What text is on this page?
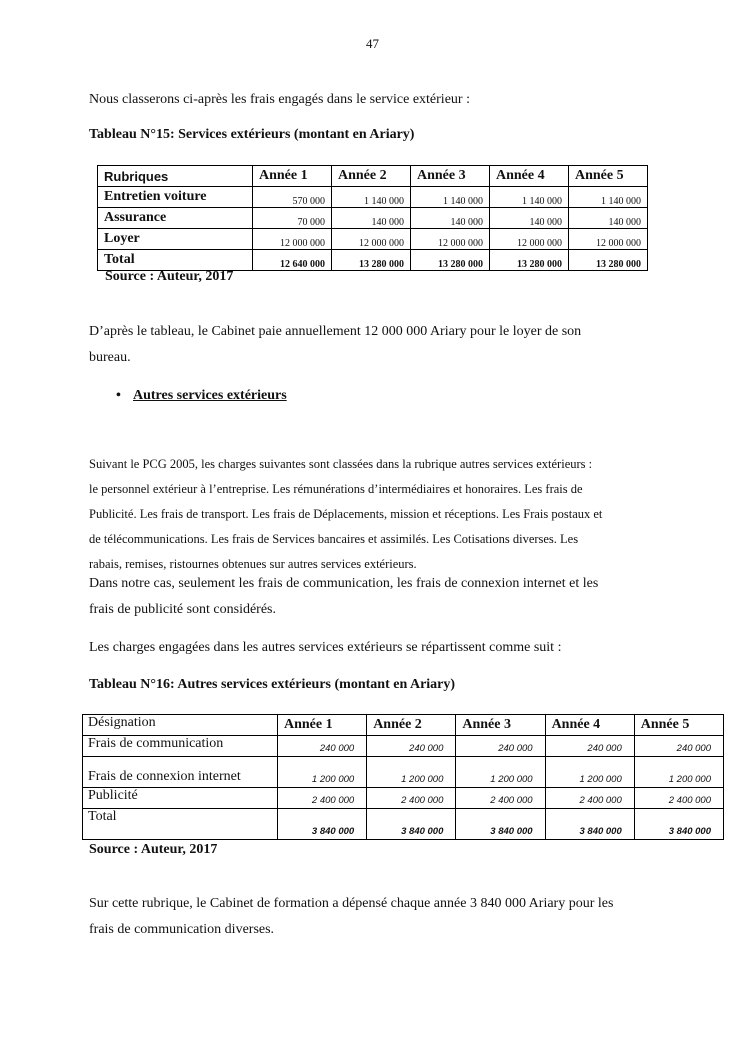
47

Nous classerons ci-après les frais engagés dans le service extérieur :

Tableau N°15: Services extérieurs (montant en Ariary)

Rubriques	Année 1	Année 2	Année 3	Année 4	Année 5
Entretien voiture	570 000	1 140 000	1 140 000	1 140 000	1 140 000
Assurance	70 000	140 000	140 000	140 000	140 000
Loyer	12 000 000	12 000 000	12 000 000	12 000 000	12 000 000
Total	12 640 000	13 280 000	13 280 000	13 280 000	13 280 000

Source : Auteur, 2017

D’après le tableau, le Cabinet paie annuellement 12 000 000 Ariary pour le loyer de son

bureau.

• Autres services extérieurs

Suivant le PCG 2005, les charges suivantes sont classées dans la rubrique autres services extérieurs :

le personnel extérieur à l’entreprise. Les rémunérations d’intermédiaires et honoraires. Les frais de

Publicité. Les frais de transport. Les frais de Déplacements, mission et réceptions. Les Frais postaux et

de télécommunications. Les frais de Services bancaires et assimilés. Les Cotisations diverses. Les

rabais, remises, ristournes obtenues sur autres services extérieurs.

Dans notre cas, seulement les frais de communication, les frais de connexion internet et les

frais de publicité sont considérés.

Les charges engagées dans les autres services extérieurs se répartissent comme suit :

Tableau N°16: Autres services extérieurs (montant en Ariary)

Désignation	Année 1	Année 2	Année 3	Année 4	Année 5
Frais de communication	240 000	240 000	240 000	240 000	240 000
Frais de connexion internet	1 200 000	1 200 000	1 200 000	1 200 000	1 200 000
Publicité	2 400 000	2 400 000	2 400 000	2 400 000	2 400 000
Total	3 840 000	3 840 000	3 840 000	3 840 000	3 840 000

Source : Auteur, 2017

Sur cette rubrique, le Cabinet de formation a dépensé chaque année 3 840 000 Ariary pour les

frais de communication diverses.
